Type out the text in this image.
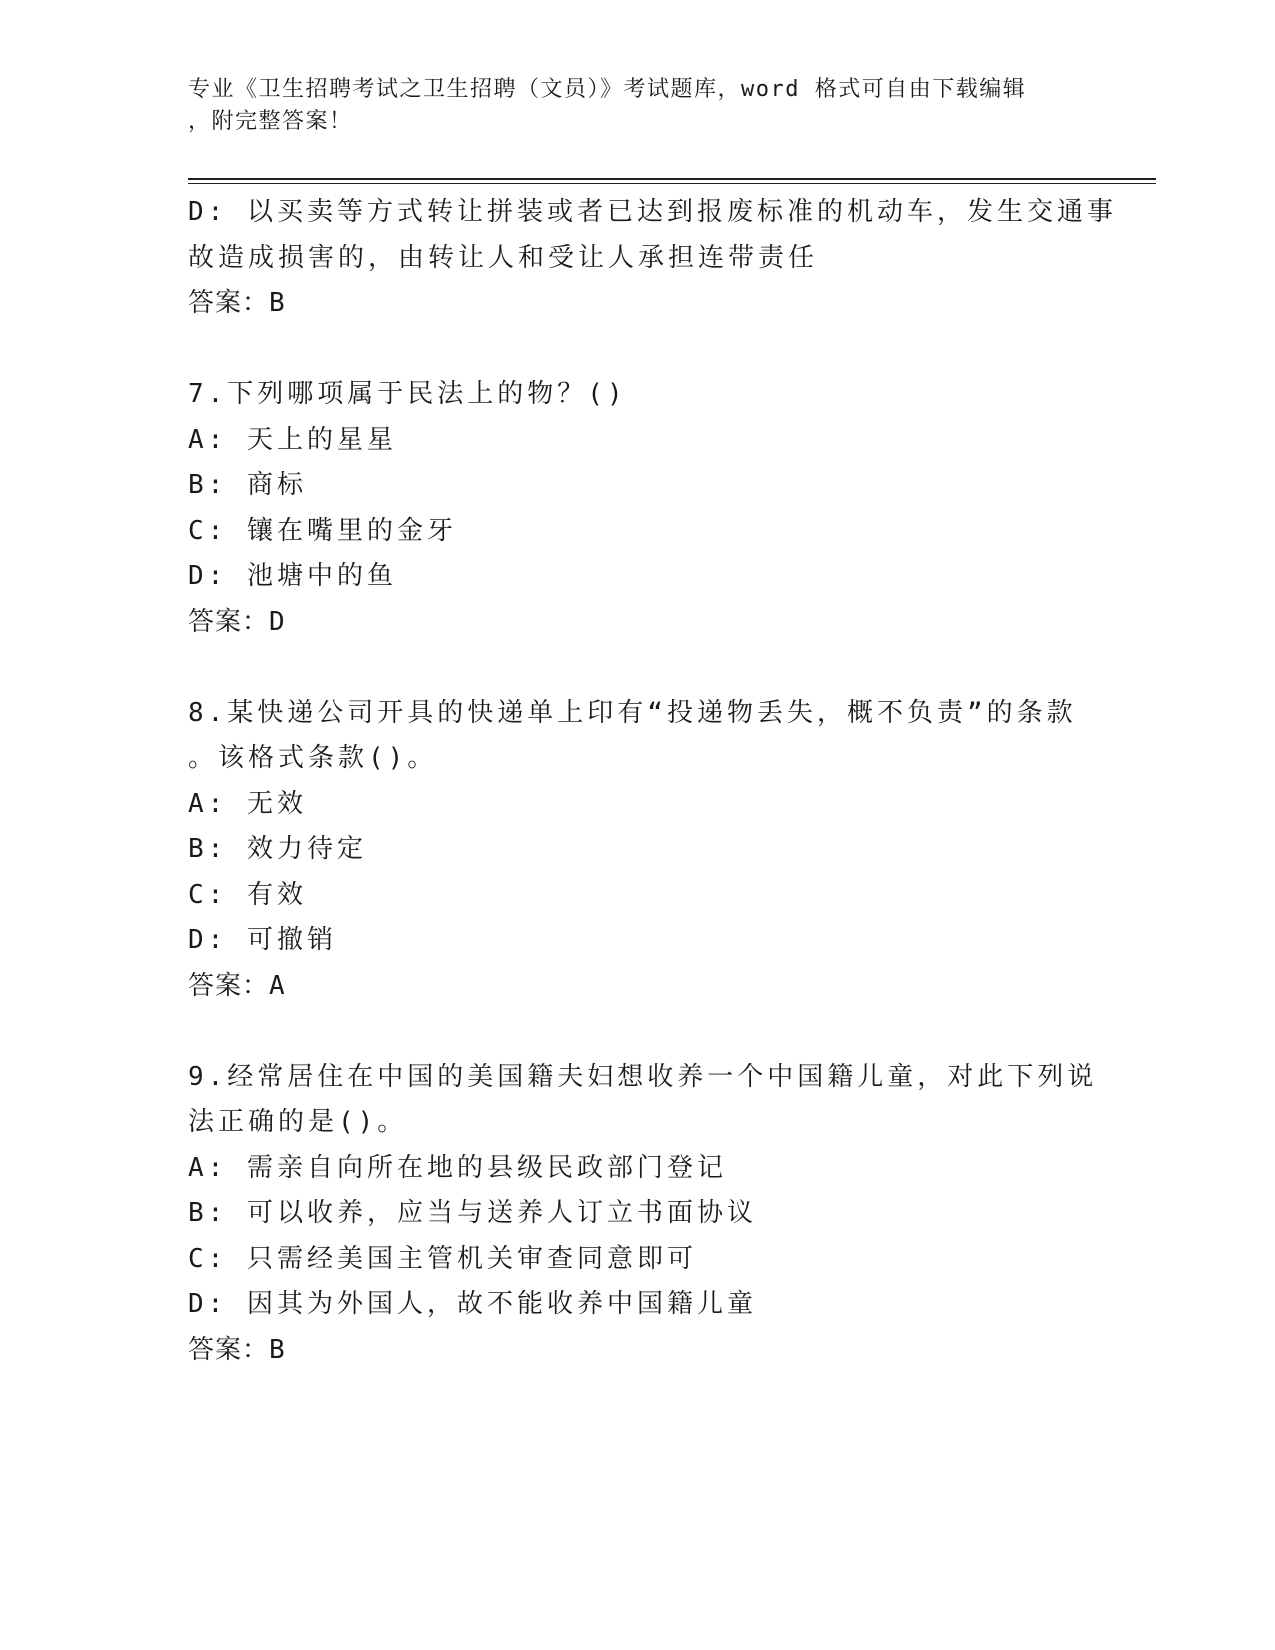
专业《卫生招聘考试之卫生招聘（文员）》考试题库，word 格式可自由下载编辑
，附完整答案！
D: 以买卖等方式转让拼装或者已达到报废标准的机动车，发生交通事
故造成损害的，由转让人和受让人承担连带责任
答案：B
7.下列哪项属于民法上的物？()
A: 天上的星星
B: 商标
C: 镶在嘴里的金牙
D: 池塘中的鱼
答案：D
8.某快递公司开具的快递单上印有“投递物丢失，概不负责”的条款
。该格式条款()。
A: 无效
B: 效力待定
C: 有效
D: 可撤销
答案：A
9.经常居住在中国的美国籍夫妇想收养一个中国籍儿童，对此下列说
法正确的是()。
A: 需亲自向所在地的县级民政部门登记
B: 可以收养，应当与送养人订立书面协议
C: 只需经美国主管机关审查同意即可
D: 因其为外国人，故不能收养中国籍儿童
答案：B
